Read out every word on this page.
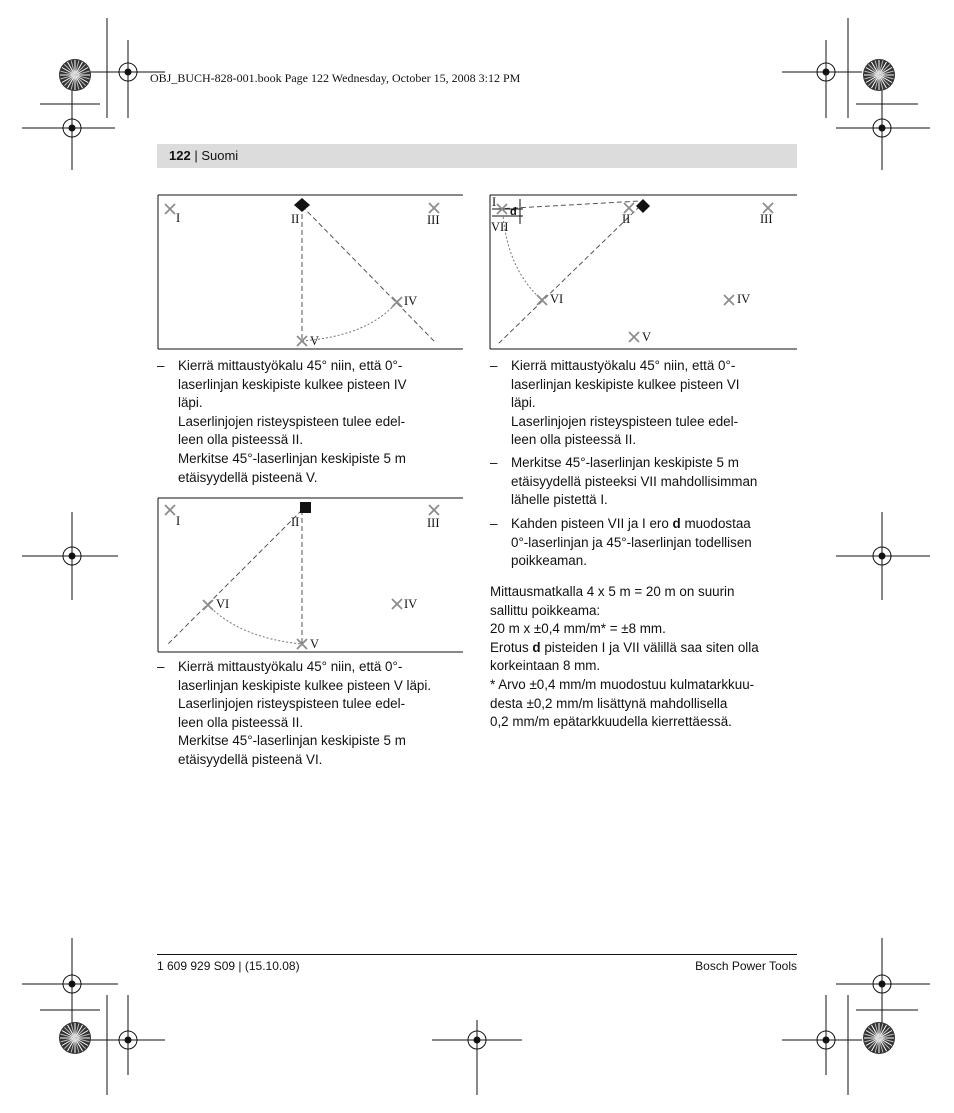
OBJ_BUCH-828-001.book Page 122 Wednesday, October 15, 2008 3:12 PM
122 | Suomi
I	II	III
IV
V
I	II	III
IV
V
VI
I
d	II	III
VII
VI	IV
V
– Kierrä mittaustyökalu 45° niin, että 0°-
laserlinjan keskipiste kulkee pisteen IV
läpi.
Laserlinjojen risteyspisteen tulee edel-
leen olla pisteessä II.
Merkitse 45°-laserlinjan keskipiste 5 m
etäisyydellä pisteenä V.
– Kierrä mittaustyökalu 45° niin, että 0°-
laserlinjan keskipiste kulkee pisteen V läpi.
Laserlinjojen risteyspisteen tulee edel-
leen olla pisteessä II.
Merkitse 45°-laserlinjan keskipiste 5 m
etäisyydellä pisteenä VI.
– Kierrä mittaustyökalu 45° niin, että 0°-
laserlinjan keskipiste kulkee pisteen VI
läpi.
Laserlinjojen risteyspisteen tulee edel-
leen olla pisteessä II.
– Merkitse 45°-laserlinjan keskipiste 5 m
etäisyydellä pisteeksi VII mahdollisimman
lähelle pistettä I.
– Kahden pisteen VII ja I ero d muodostaa
0°-laserlinjan ja 45°-laserlinjan todellisen
poikkeaman.
Mittausmatkalla 4 x 5 m = 20 m on suurin
sallittu poikkeama:
20 m x ±0,4 mm/m* = ±8 mm.
Erotus d pisteiden I ja VII välillä saa siten olla
korkeintaan 8 mm.
* Arvo ±0,4 mm/m muodostuu kulmatarkkuu-
desta ±0,2 mm/m lisättynä mahdollisella
0,2 mm/m epätarkkuudella kierrettäessä.
1 609 929 S09 | (15.10.08)	Bosch Power Tools
